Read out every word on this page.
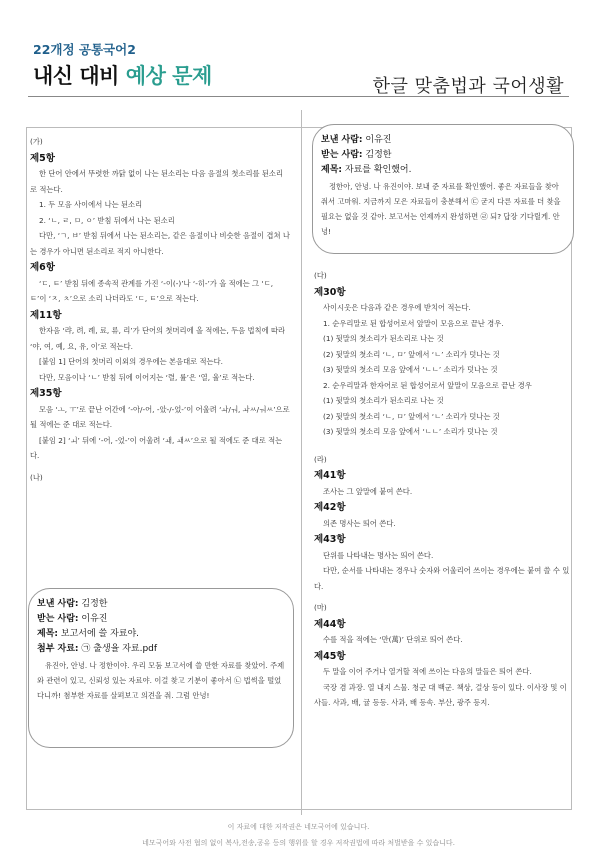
22개정 공통국어2
내신 대비 예상 문제	한글 맞춤법과 국어생활
(가)
제5항
한 단어 안에서 뚜렷한 까닭 없이 나는 된소리는 다음 음절의 첫소리를 된소리로 적는다.
1. 두 모음 사이에서 나는 된소리
2. ‘ㄴ, ㄹ, ㅁ, ㅇ’ 받침 뒤에서 나는 된소리
다만, ‘ㄱ, ㅂ’ 받침 뒤에서 나는 된소리는, 같은 음절이나 비슷한 음절이 겹쳐 나는 경우가 아니면 된소리로 적지 아니한다.
제6항
‘ㄷ, ㅌ’ 받침 뒤에 종속적 관계를 가진 ‘-이(-)’나 ‘-히-’가 올 적에는 그 ‘ㄷ, ㅌ’이 ‘ㅈ, ㅊ’으로 소리 나더라도 ‘ㄷ, ㅌ’으로 적는다.
제11항
한자음 ‘랴, 려, 례, 료, 류, 리’가 단어의 첫머리에 올 적에는, 두음 법칙에 따라 ‘야, 여, 예, 요, 유, 이’로 적는다.
[붙임 1] 단어의 첫머리 이외의 경우에는 본음대로 적는다.
다만, 모음이나 ‘ㄴ’ 받침 뒤에 이어지는 ‘렬, 률’은 ‘열, 율’로 적는다.
제35항
모음 ‘ㅗ, ㅜ’로 끝난 어간에 ‘-아/-어, -았-/-었-’이 어울려 ‘ㅘ/ㅝ, ㅘㅆ/ㅝㅆ’으로 될 적에는 준 대로 적는다.
[붙임 2] ‘ㅚ’ 뒤에 ‘-어, -었-’이 어울려 ‘ㅙ, ㅙㅆ’으로 될 적에도 준 대로 적는다.
(나)
보낸 사람: 김정한
받는 사람: 이유진
제목: 보고서에 쓸 자료야.
첨부 자료: ㉠ 출생율 자료.pdf
유진아, 안녕. 나 정한이야. 우리 모둠 보고서에 쓸 만한 자료를 찾았어. 주제와 관련이 있고, 신뢰성 있는 자료야. 이걸 찾고 기분이 좋아서 ㉡ 법썩을 떨었다니까! 첨부한 자료를 살펴보고 의견을 줘. 그럼 안녕!
보낸 사람: 이유진
받는 사람: 김정한
제목: 자료를 확인했어.
정한아, 안녕. 나 유진이야. 보내 준 자료를 확인했어. 좋은 자료들을 찾아 줘서 고마워. 지금까지 모은 자료들이 충분해서 ㉢ 굳지 다른 자료를 더 찾을 필요는 없을 것 같아. 보고서는 언제까지 완성하면 ㉣ 되? 답장 기다릴게. 안녕!
(다)
제30항
사이시옷은 다음과 같은 경우에 받치어 적는다.
1. 순우리말로 된 합성어로서 앞말이 모음으로 끝난 경우.
(1) 뒷말의 첫소리가 된소리로 나는 것
(2) 뒷말의 첫소리 ‘ㄴ, ㅁ’ 앞에서 ‘ㄴ’ 소리가 덧나는 것
(3) 뒷말의 첫소리 모음 앞에서 ‘ㄴㄴ’ 소리가 덧나는 것
2. 순우리말과 한자어로 된 합성어로서 앞말이 모음으로 끝난 경우
(1) 뒷말의 첫소리가 된소리로 나는 것
(2) 뒷말의 첫소리 ‘ㄴ, ㅁ’ 앞에서 ‘ㄴ’ 소리가 덧나는 것
(3) 뒷말의 첫소리 모음 앞에서 ‘ㄴㄴ’ 소리가 덧나는 것
(라)
제41항
조사는 그 앞말에 붙여 쓴다.
제42항
의존 명사는 띄어 쓴다.
제43항
단위를 나타내는 명사는 띄어 쓴다.
다만, 순서를 나타내는 경우나 숫자와 어울리어 쓰이는 경우에는 붙여 쓸 수 있다.
(마)
제44항
수를 적을 적에는 ‘만(萬)’ 단위로 띄어 쓴다.
제45항
두 말을 이어 주거나 열거할 적에 쓰이는 다음의 말들은 띄어 쓴다.
국장 겸 과장. 열 내지 스물. 청군 대 백군. 책상, 걸상 등이 있다. 이사장 및 이사들. 사과, 배, 귤 등등. 사과, 배 등속. 부산, 광주 등지.
이 자료에 대한 저작권은 네모국어에 있습니다.
네모국어와 사전 협의 없이 복사,전송,공유 등의 행위를 할 경우 저작권법에 따라 처벌받을 수 있습니다.
